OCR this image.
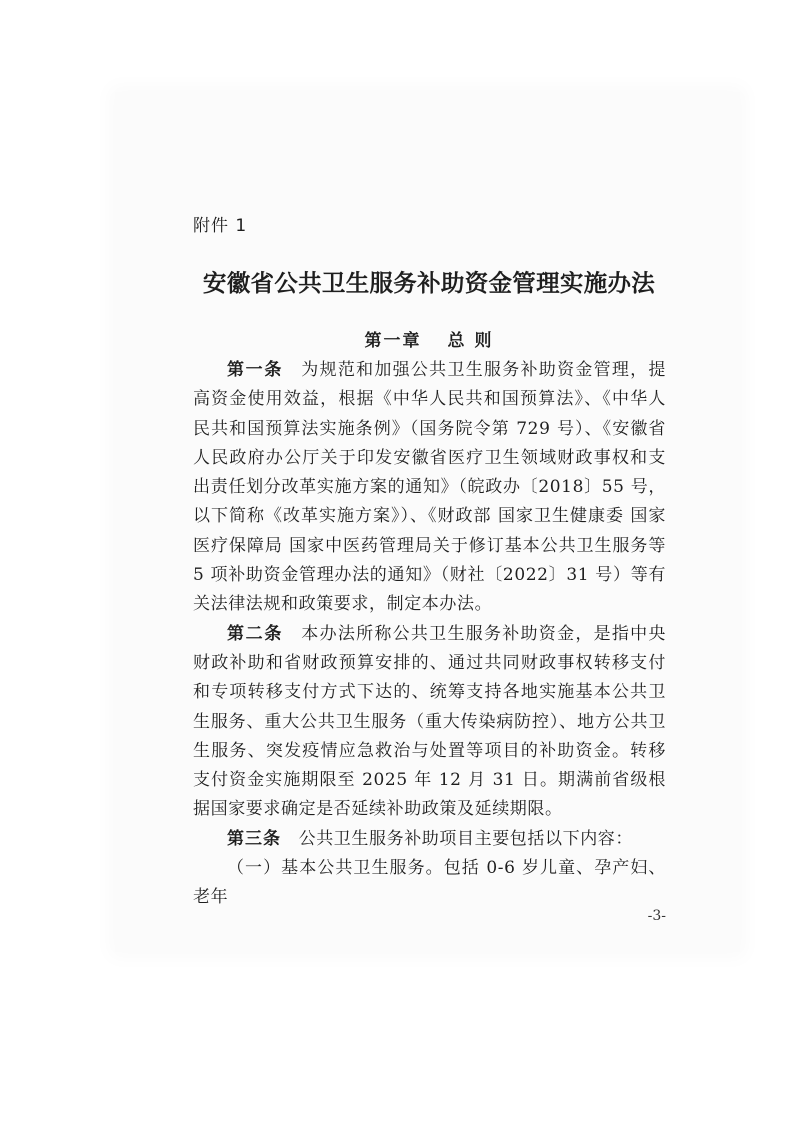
附件 1
安徽省公共卫生服务补助资金管理实施办法
第一章 总 则

第一条　 为规范和加强公共卫生服务补助资金管理，提高资金使用效益，根据《中华人民共和国预算法》、《中华人民共和国预算法实施条例》（国务院令第 729 号）、《安徽省人民政府办公厅关于印发安徽省医疗卫生领域财政事权和支出责任划分改革实施方案的通知》（皖政办〔2018〕55 号，以下简称《改革实施方案》）、《财政部 国家卫生健康委 国家医疗保障局 国家中医药管理局关于修订基本公共卫生服务等 5 项补助资金管理办法的通知》（财社〔2022〕31 号）等有关法律法规和政策要求，制定本办法。

第二条　 本办法所称公共卫生服务补助资金，是指中央财政补助和省财政预算安排的、通过共同财政事权转移支付和专项转移支付方式下达的、统筹支持各地实施基本公共卫生服务、重大公共卫生服务（重大传染病防控）、地方公共卫生服务、突发疫情应急救治与处置等项目的补助资金。转移支付资金实施期限至 2025 年 12 月 31 日。期满前省级根据国家要求确定是否延续补助政策及延续期限。

第三条　 公共卫生服务补助项目主要包括以下内容：

（一）基本公共卫生服务。包括 0-6 岁儿童、孕产妇、老年

-3-
